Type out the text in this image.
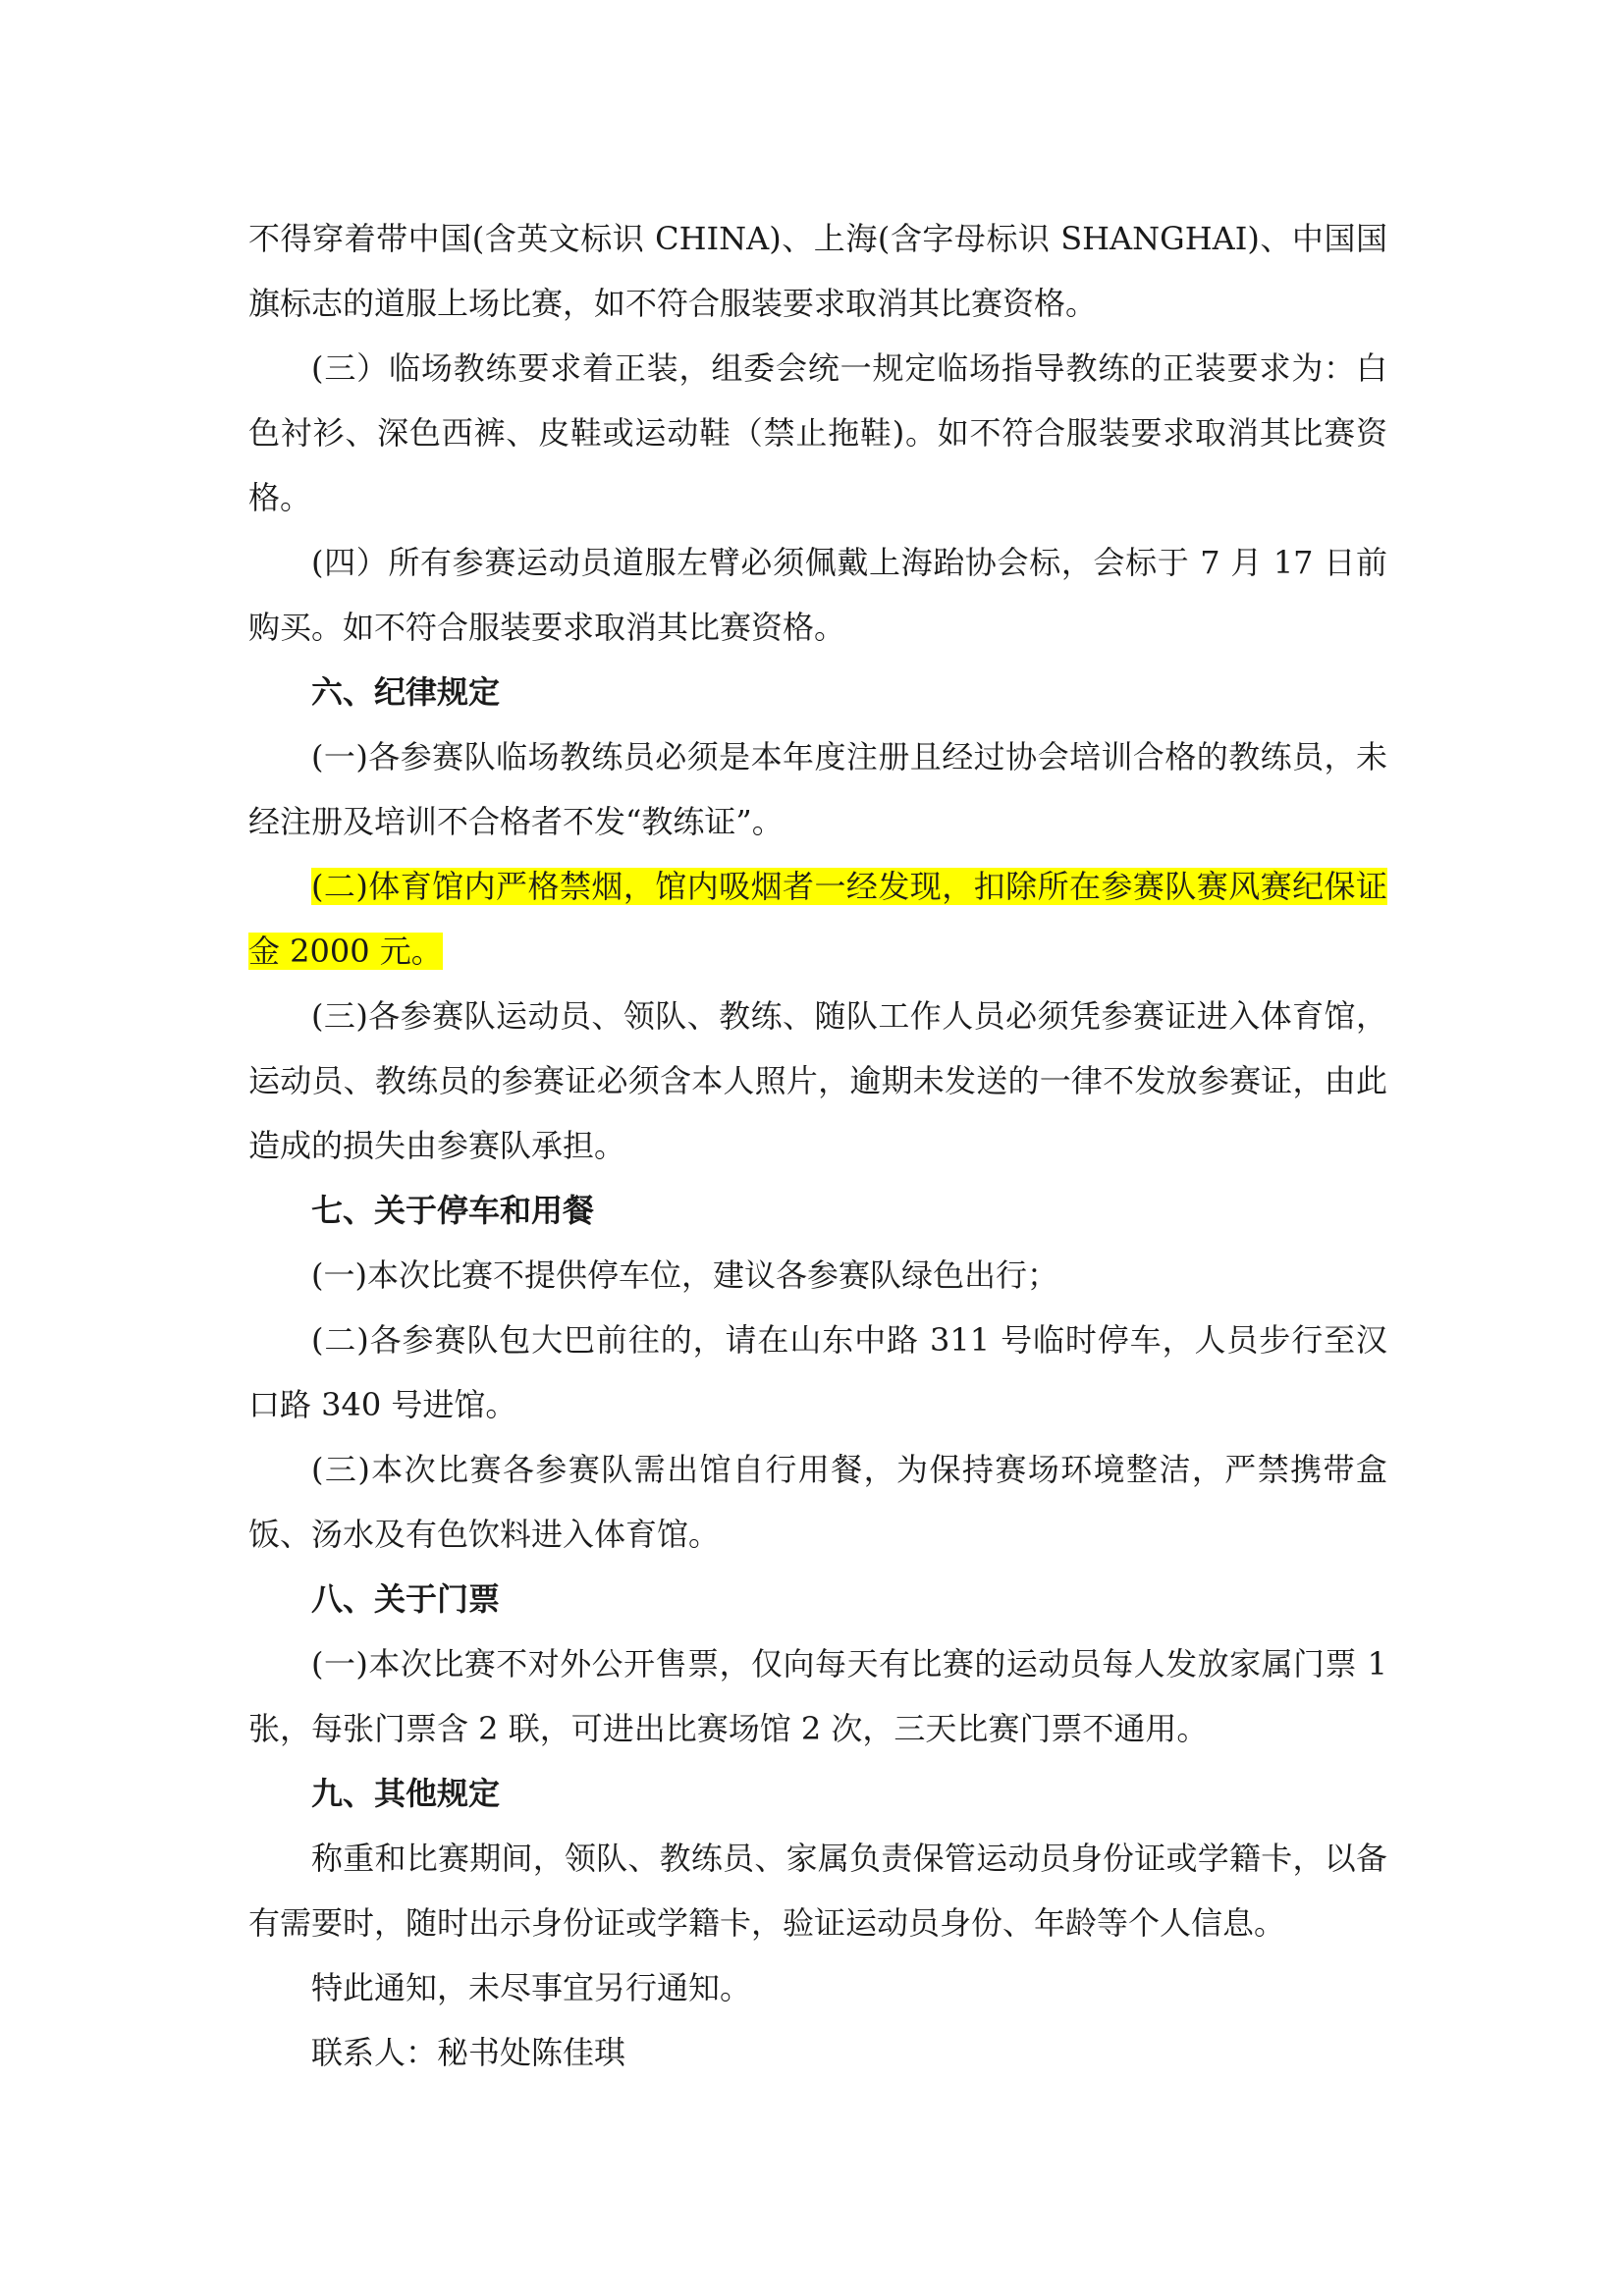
不得穿着带中国(含英文标识 CHINA)、上海(含字母标识 SHANGHAI)、中国国旗标志的道服上场比赛，如不符合服装要求取消其比赛资格。

(三）临场教练要求着正装，组委会统一规定临场指导教练的正装要求为：白色衬衫、深色西裤、皮鞋或运动鞋（禁止拖鞋)。如不符合服装要求取消其比赛资格。

(四）所有参赛运动员道服左臂必须佩戴上海跆协会标，会标于 7 月 17 日前购买。如不符合服装要求取消其比赛资格。

六、纪律规定

(一)各参赛队临场教练员必须是本年度注册且经过协会培训合格的教练员，未经注册及培训不合格者不发“教练证”。

(二)体育馆内严格禁烟，馆内吸烟者一经发现，扣除所在参赛队赛风赛纪保证金 2000 元。

(三)各参赛队运动员、领队、教练、随队工作人员必须凭参赛证进入体育馆，运动员、教练员的参赛证必须含本人照片，逾期未发送的一律不发放参赛证，由此造成的损失由参赛队承担。

七、关于停车和用餐

(一)本次比赛不提供停车位，建议各参赛队绿色出行；

(二)各参赛队包大巴前往的，请在山东中路 311 号临时停车，人员步行至汉口路 340 号进馆。

(三)本次比赛各参赛队需出馆自行用餐，为保持赛场环境整洁，严禁携带盒饭、汤水及有色饮料进入体育馆。

八、关于门票

(一)本次比赛不对外公开售票，仅向每天有比赛的运动员每人发放家属门票 1 张，每张门票含 2 联，可进出比赛场馆 2 次，三天比赛门票不通用。

九、其他规定

称重和比赛期间，领队、教练员、家属负责保管运动员身份证或学籍卡，以备有需要时，随时出示身份证或学籍卡，验证运动员身份、年龄等个人信息。

特此通知，未尽事宜另行通知。

联系人：秘书处陈佳琪
